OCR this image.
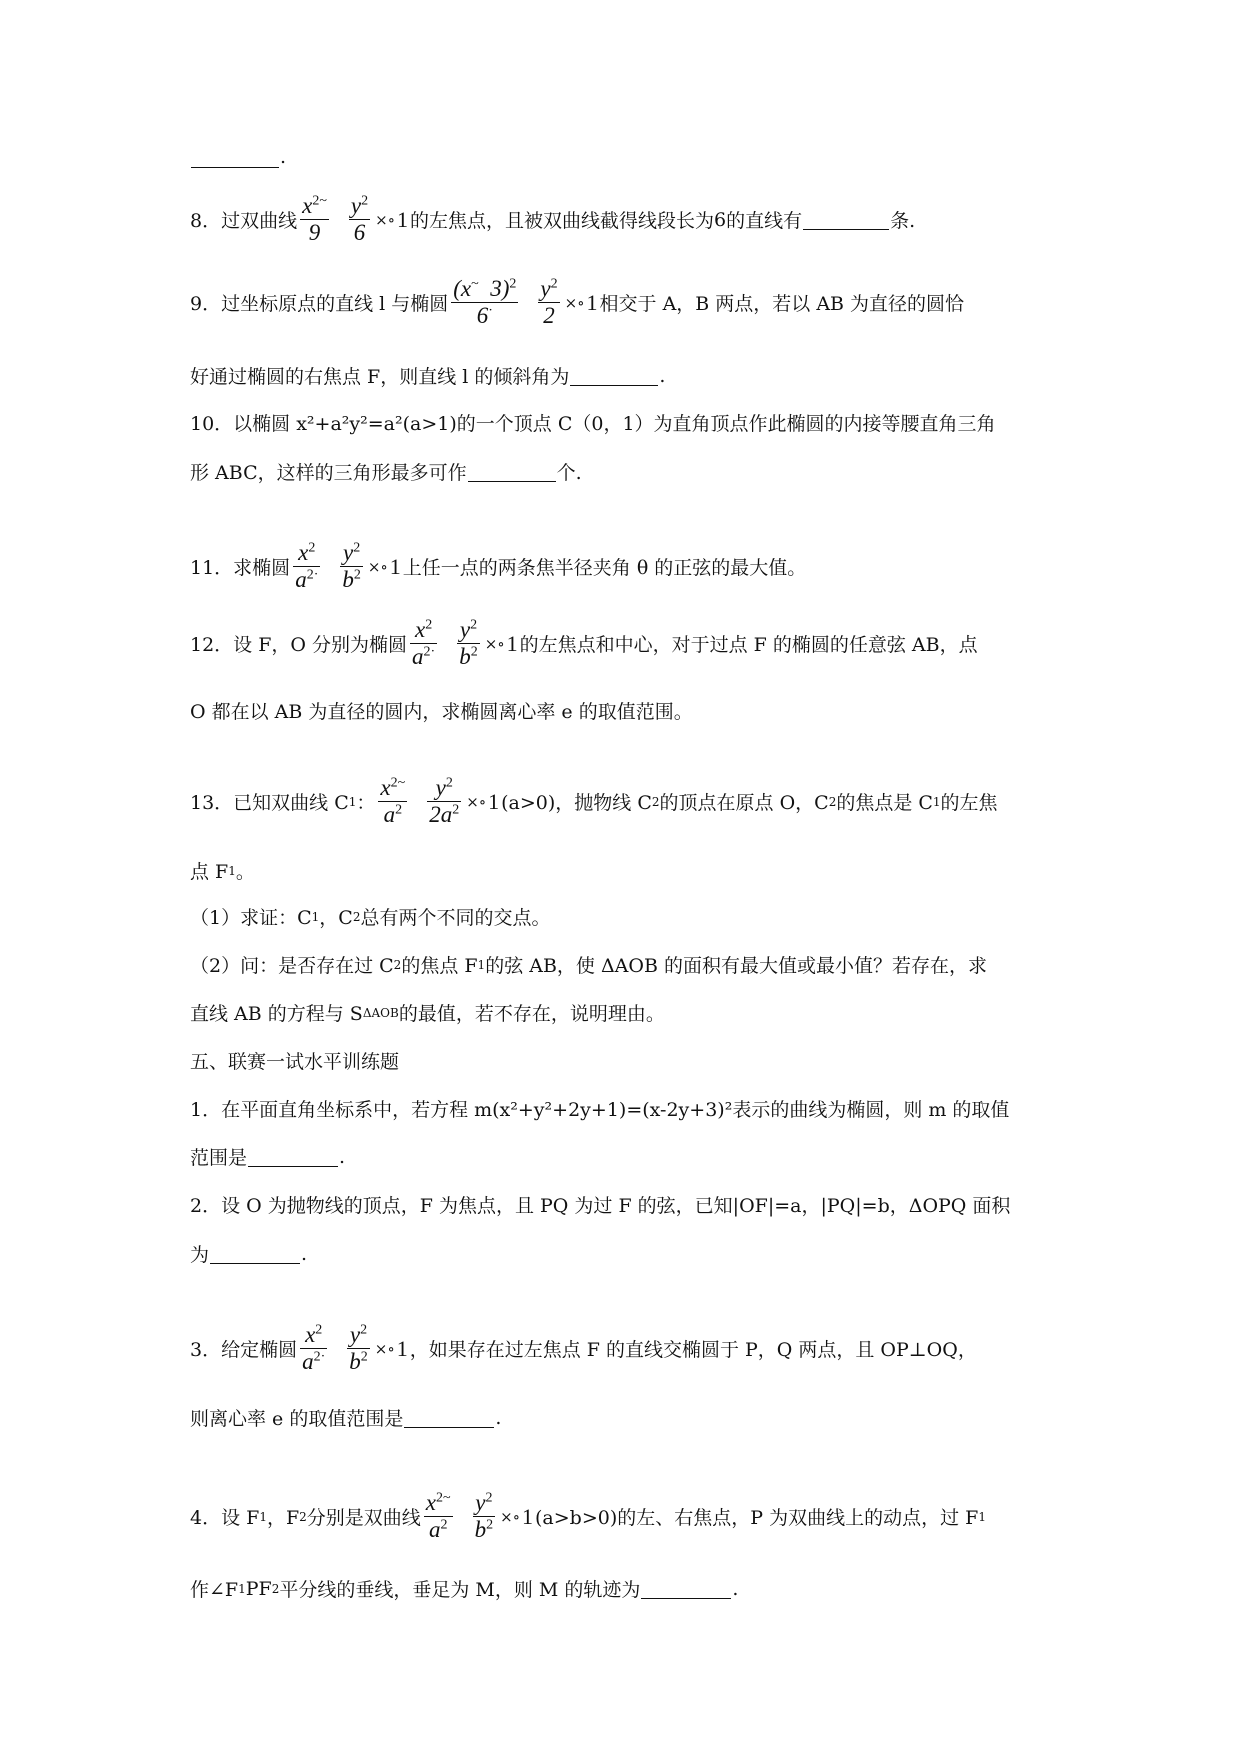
.
8．过双曲线 $\frac{x^{2\sim}}{9} \frac{y^2}{6}$ ×∘ 1 的左焦点，且被双曲线截得线段长为 6 的直线有	条.
9．过坐标原点的直线 l 与椭圆 $\frac{(x^\sim 3)^2}{6^\cdot} \frac{y^2}{2}$ ×∘ 1 相交于 A，B 两点，若以 AB 为直径的圆恰
好通过椭圆的右焦点 F，则直线 l 的倾斜角为	.
10．以椭圆 x²+a²y²=a²(a>1)的一个顶点 C（0，1）为直角顶点作此椭圆的内接等腰直角三角
形 ABC，这样的三角形最多可作	个.
11．求椭圆 $\frac{x^2}{a^{2\cdot}} \frac{y^2}{b^2}$ ×∘ 1 上任一点的两条焦半径夹角 θ 的正弦的最大值。
12．设 F，O 分别为椭圆 $\frac{x^2}{a^{2\cdot}} \frac{y^2}{b^2}$ ×∘ 1 的左焦点和中心，对于过点 F 的椭圆的任意弦 AB，点
O 都在以 AB 为直径的圆内，求椭圆离心率 e 的取值范围。
13．已知双曲线 C 1 ： $\frac{x^{2\sim}}{a^2} \frac{y^2}{2a^2}$ ×∘ 1 (a>0)，抛物线 C 2 的顶点在原点 O，C 2 的焦点是 C 1 的左焦
点 F 1 。
（1）求证：C 1 ，C 2 总有两个不同的交点。
（2）问：是否存在过 C 2 的焦点 F 1 的弦 AB，使 ΔAOB 的面积有最大值或最小值？若存在，求
直线 AB 的方程与 S ΔAOB 的最值，若不存在，说明理由。
五、联赛一试水平训练题
1．在平面直角坐标系中，若方程 m(x²+y²+2y+1)=(x-2y+3)²表示的曲线为椭圆，则 m 的取值
范围是	.
2．设 O 为抛物线的顶点，F 为焦点，且 PQ 为过 F 的弦，已知|OF|=a，|PQ|=b，ΔOPQ 面积
为	.
3．给定椭圆 $\frac{x^2}{a^{2\cdot}} \frac{y^2}{b^2}$ ×∘ 1 ，如果存在过左焦点 F 的直线交椭圆于 P，Q 两点，且 OP⊥OQ，
则离心率 e 的取值范围是	.
4．设 F 1 ，F 2 分别是双曲线 $\frac{x^{2\sim}}{a^2} \frac{y^2}{b^2}$ ×∘ 1 (a>b>0)的左、右焦点，P 为双曲线上的动点，过 F 1
作∠F 1 PF 2 平分线的垂线，垂足为 M，则 M 的轨迹为	.
